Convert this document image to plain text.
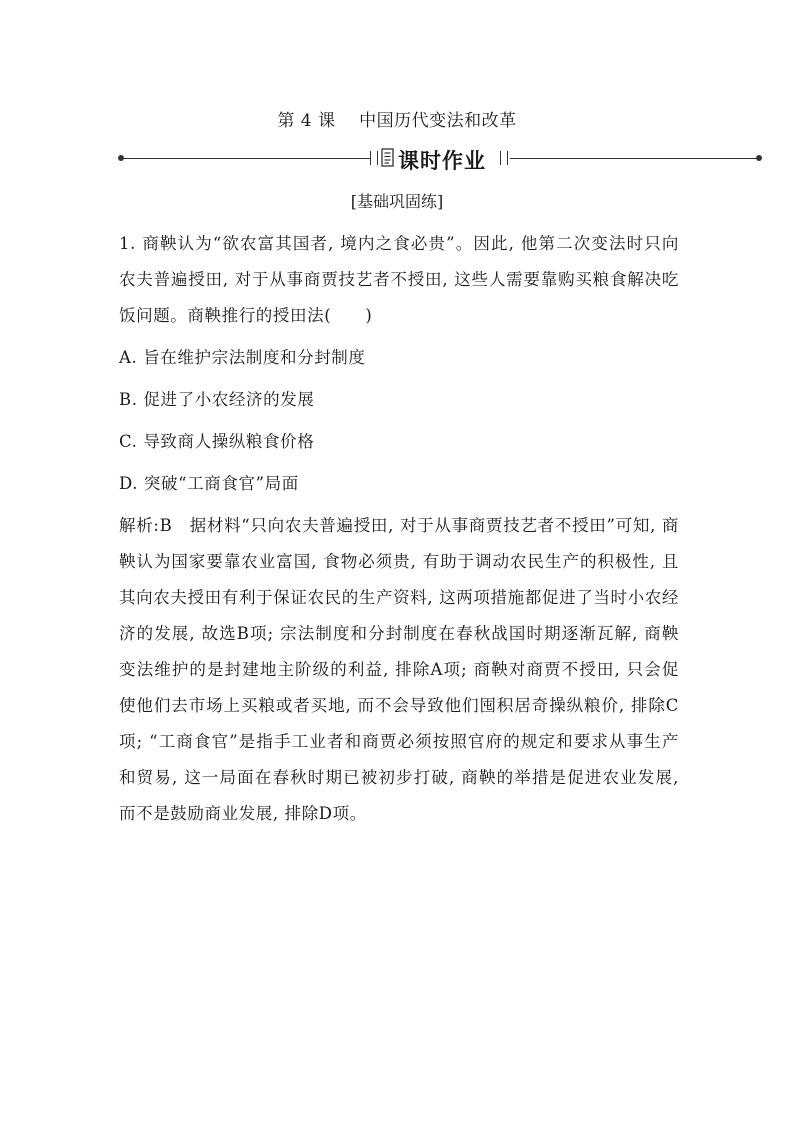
第 4 课    中国历代变法和改革
课时作业
[基础巩固练]

1. 商鞅认为“欲农富其国者, 境内之食必贵”。因此, 他第二次变法时只向农夫普遍授田, 对于从事商贾技艺者不授田, 这些人需要靠购买粮食解决吃饭问题。商鞅推行的授田法(　　)

A. 旨在维护宗法制度和分封制度
B. 促进了小农经济的发展
C. 导致商人操纵粮食价格
D. 突破“工商食官”局面

解析:B　据材料“只向农夫普遍授田, 对于从事商贾技艺者不授田”可知, 商鞅认为国家要靠农业富国, 食物必须贵, 有助于调动农民生产的积极性, 且其向农夫授田有利于保证农民的生产资料, 这两项措施都促进了当时小农经济的发展, 故选B项; 宗法制度和分封制度在春秋战国时期逐渐瓦解, 商鞅变法维护的是封建地主阶级的利益, 排除A项; 商鞅对商贾不授田, 只会促使他们去市场上买粮或者买地, 而不会导致他们囤积居奇操纵粮价, 排除C项; “工商食官”是指手工业者和商贾必须按照官府的规定和要求从事生产和贸易, 这一局面在春秋时期已被初步打破, 商鞅的举措是促进农业发展, 而不是鼓励商业发展, 排除D项。
